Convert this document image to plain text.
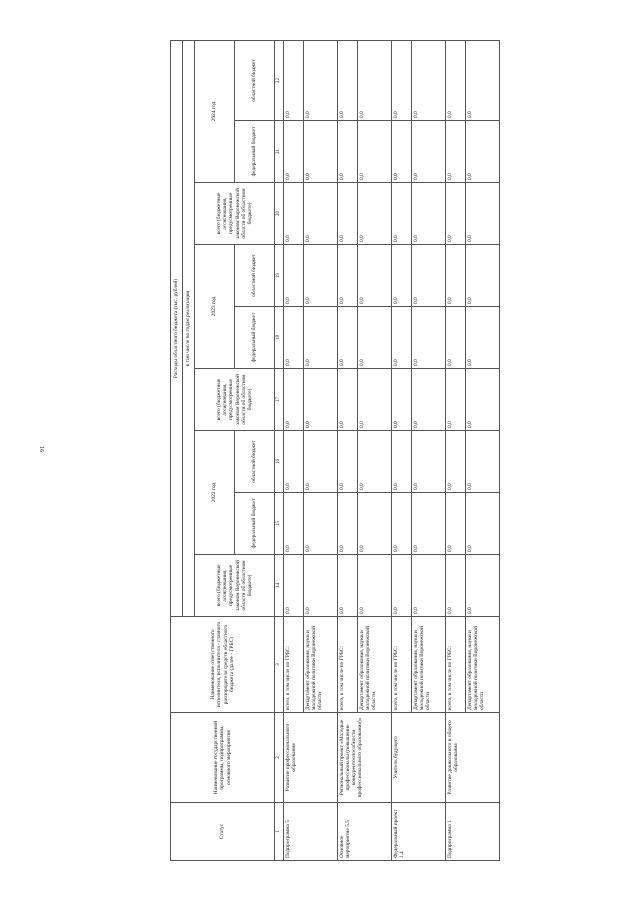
16
Статус	Наименование государственной программы, подпрограммы, основного мероприятия	Наименование ответственного исполнителя, исполнителя - главного распорядителя средств областного бюджета (далее - ГРБС)	Расходы областного бюджета (тыс. рублей)								
			в том числе по годам реализации								
			всего (бюджетные ассигнования, предусмотренные законом Воронежской области об областном бюджете)	2022 год		всего (бюджетные ассигнования, предусмотренные законом Воронежской области об областном бюджете)	2023 год		всего (бюджетные ассигнования, предусмотренные законом Воронежской области об областном бюджете)	2024 год	
				федеральный бюджет	областной бюджет		федеральный бюджет	областной бюджет		федеральный бюджет	областной бюджет
1	2	3	14	15	16	17	18	19	20	21	22
Подпрограмма 5	Развитие профессионального образования	всего, в том числе по ГРБС:	0,0	0,0	0,0	0,0	0,0	0,0	0,0	0,0	0,0
		Департамент образования, науки и молодежной политики Воронежской области	0,0	0,0	0,0	0,0	0,0	0,0	0,0	0,0	0,0
Основное мероприятие 5.5	Региональный проект «Молодые профессионалы (повышение конкурентоспособности профессионального образования)»	всего, в том числе по ГРБС:	0,0	0,0	0,0	0,0	0,0	0,0	0,0	0,0	0,0
		Департамент образования, науки и молодежной политики Воронежской области	0,0	0,0	0,0	0,0	0,0	0,0	0,0	0,0	0,0
Федеральный проект 1.4	Учитель будущего	всего, в том числе по ГРБС:	0,0	0,0	0,0	0,0	0,0	0,0	0,0	0,0	0,0
		Департамент образования, науки и молодежной политики Воронежской области	0,0	0,0	0,0	0,0	0,0	0,0	0,0	0,0	0,0
Подпрограмма 1	Развитие дошкольного и общего образования	всего, в том числе по ГРБС:	0,0	0,0	0,0	0,0	0,0	0,0	0,0	0,0	0,0
		Департамент образования, науки и молодежной политики Воронежской области	0,0	0,0	0,0	0,0	0,0	0,0	0,0	0,0	0,0
